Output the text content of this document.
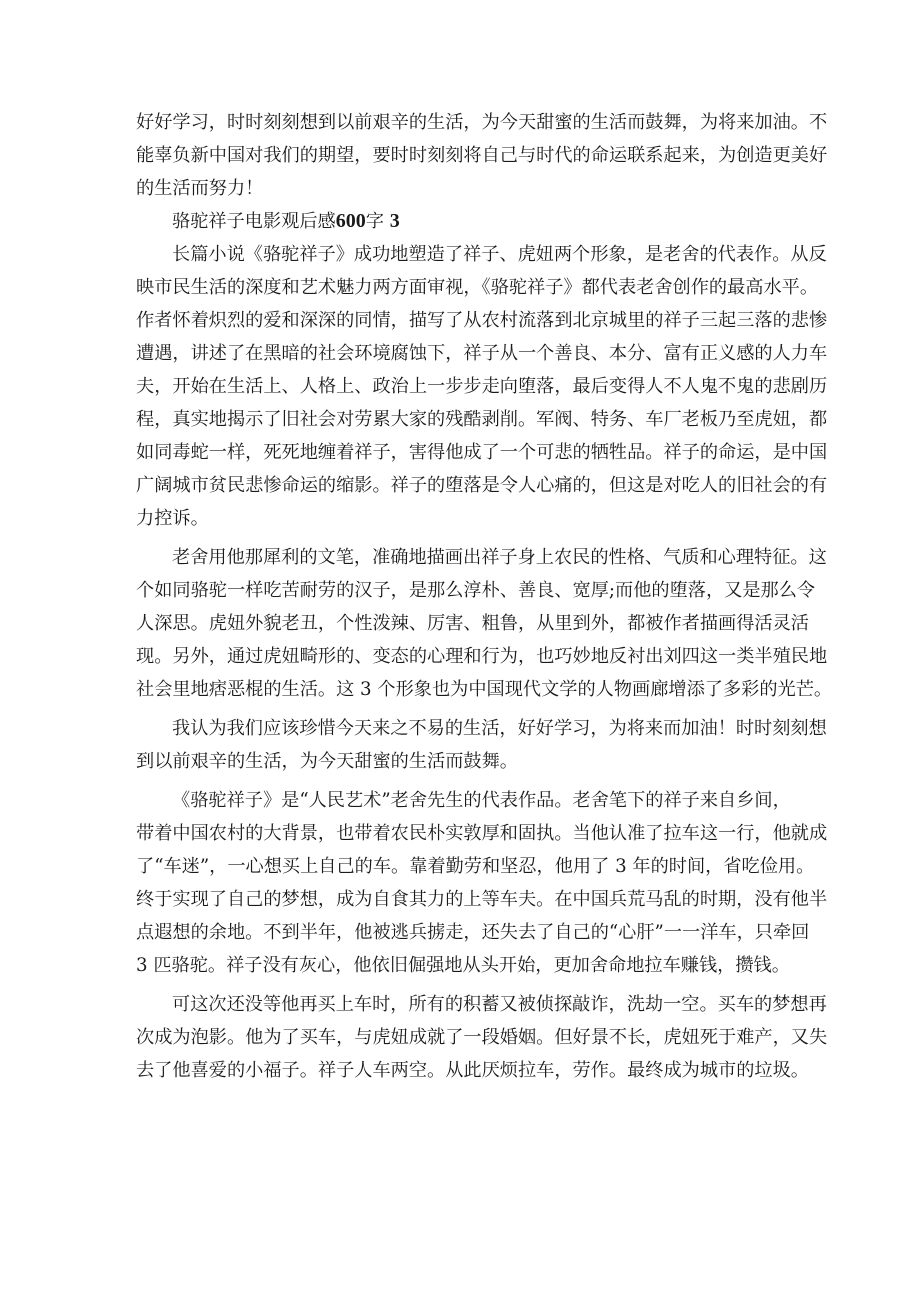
好好学习，时时刻刻想到以前艰辛的生活，为今天甜蜜的生活而鼓舞，为将来加油。不
能辜负新中国对我们的期望，要时时刻刻将自己与时代的命运联系起来，为创造更美好
的生活而努力！
骆驼祥子电影观后感600字 3
长篇小说《骆驼祥子》成功地塑造了祥子、虎妞两个形象，是老舍的代表作。从反
映市民生活的深度和艺术魅力两方面审视，《骆驼祥子》都代表老舍创作的最高水平。
作者怀着炽烈的爱和深深的同情，描写了从农村流落到北京城里的祥子三起三落的悲惨
遭遇，讲述了在黑暗的社会环境腐蚀下，祥子从一个善良、本分、富有正义感的人力车
夫，开始在生活上、人格上、政治上一步步走向堕落，最后变得人不人鬼不鬼的悲剧历
程，真实地揭示了旧社会对劳累大家的残酷剥削。军阀、特务、车厂老板乃至虎妞，都
如同毒蛇一样，死死地缠着祥子，害得他成了一个可悲的牺牲品。祥子的命运，是中国
广阔城市贫民悲惨命运的缩影。祥子的堕落是令人心痛的，但这是对吃人的旧社会的有
力控诉。
老舍用他那犀利的文笔，准确地描画出祥子身上农民的性格、气质和心理特征。这
个如同骆驼一样吃苦耐劳的汉子，是那么淳朴、善良、宽厚;而他的堕落，又是那么令
人深思。虎妞外貌老丑，个性泼辣、厉害、粗鲁，从里到外，都被作者描画得活灵活
现。另外，通过虎妞畸形的、变态的心理和行为，也巧妙地反衬出刘四这一类半殖民地
社会里地痞恶棍的生活。这 3 个形象也为中国现代文学的人物画廊增添了多彩的光芒。
我认为我们应该珍惜今天来之不易的生活，好好学习，为将来而加油！时时刻刻想
到以前艰辛的生活，为今天甜蜜的生活而鼓舞。
《骆驼祥子》是“人民艺术”老舍先生的代表作品。老舍笔下的祥子来自乡间，
带着中国农村的大背景，也带着农民朴实敦厚和固执。当他认准了拉车这一行，他就成
了“车迷”，一心想买上自己的车。靠着勤劳和坚忍，他用了 3 年的时间，省吃俭用。
终于实现了自己的梦想，成为自食其力的上等车夫。在中国兵荒马乱的时期，没有他半
点遐想的余地。不到半年，他被逃兵掳走，还失去了自己的“心肝”一一洋车，只牵回
3 匹骆驼。祥子没有灰心，他依旧倔强地从头开始，更加舍命地拉车赚钱，攒钱。
可这次还没等他再买上车时，所有的积蓄又被侦探敲诈，洗劫一空。买车的梦想再
次成为泡影。他为了买车，与虎妞成就了一段婚姻。但好景不长，虎妞死于难产，又失
去了他喜爱的小福子。祥子人车两空。从此厌烦拉车，劳作。最终成为城市的垃圾。
